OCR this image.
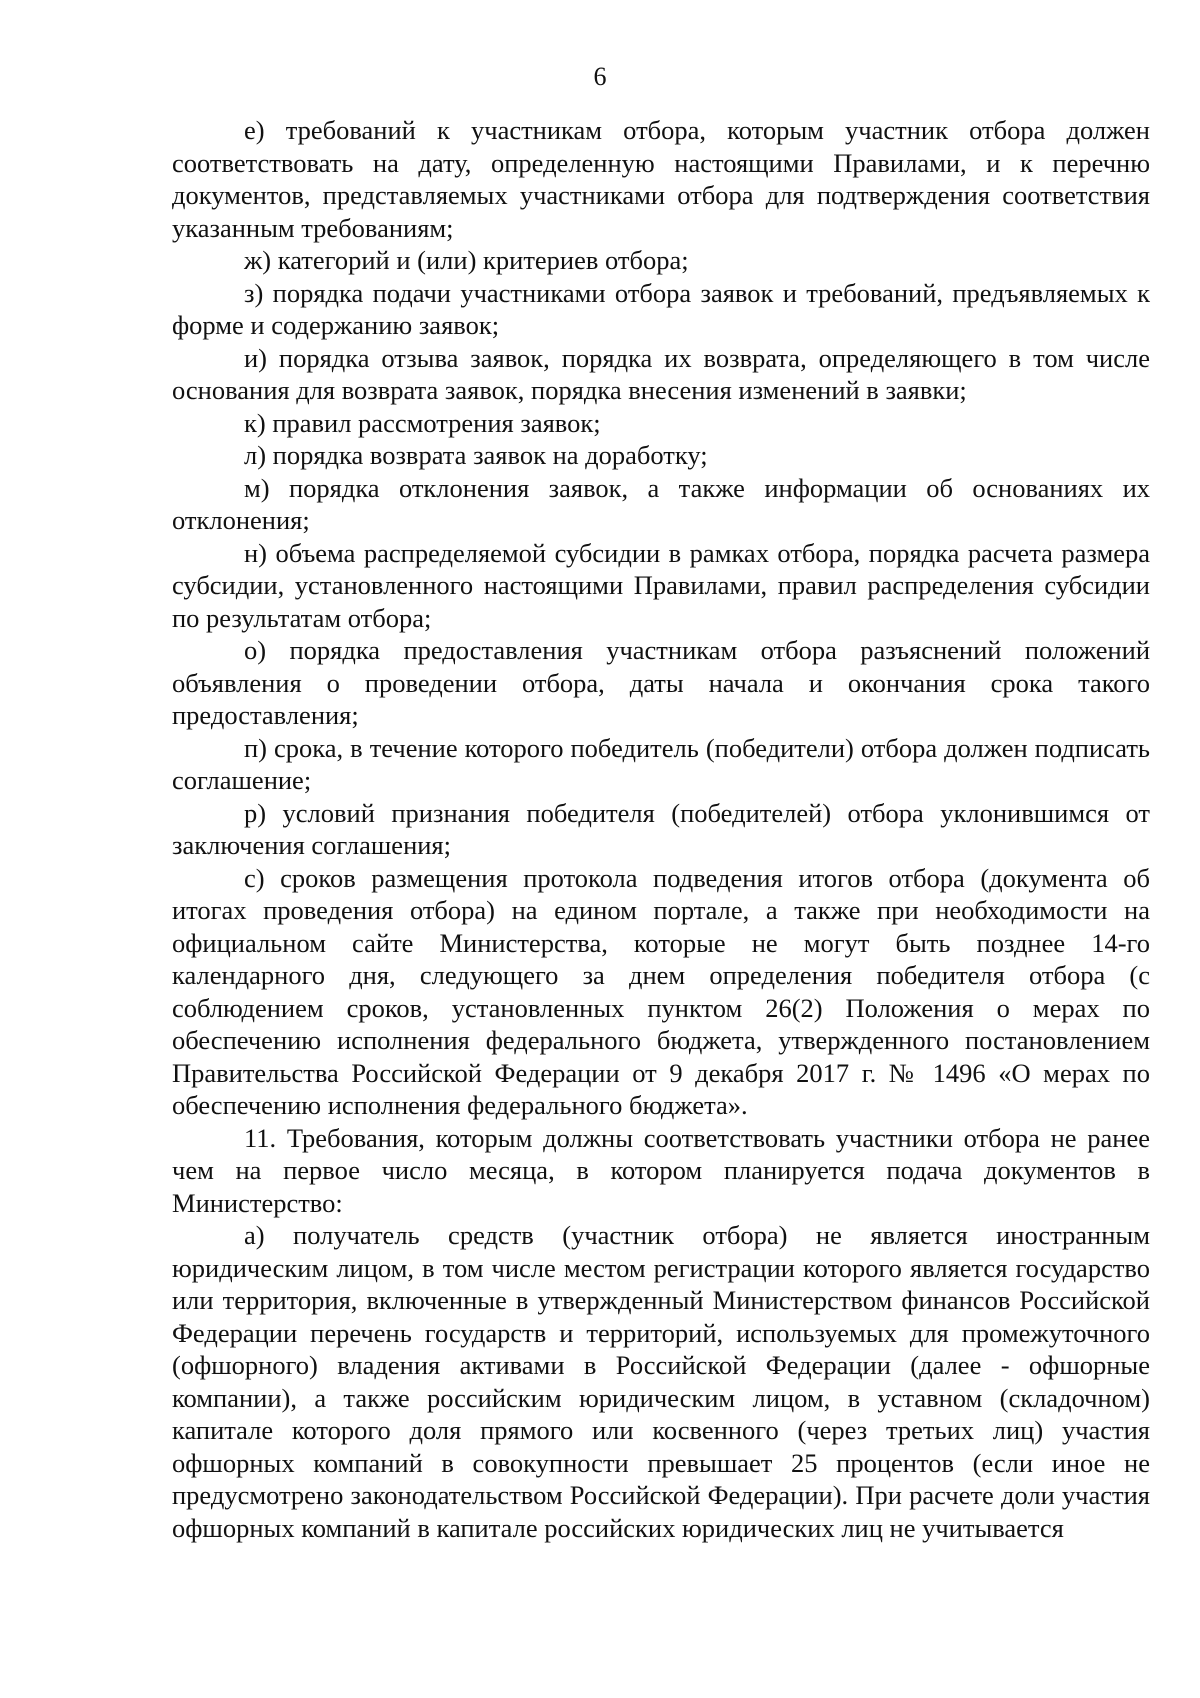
6

е) требований к участникам отбора, которым участник отбора должен соответствовать на дату, определенную настоящими Правилами, и к перечню документов, представляемых участниками отбора для подтверждения соответствия указанным требованиям;

ж) категорий и (или) критериев отбора;

з) порядка подачи участниками отбора заявок и требований, предъявляемых к форме и содержанию заявок;

и) порядка отзыва заявок, порядка их возврата, определяющего в том числе основания для возврата заявок, порядка внесения изменений в заявки;

к) правил рассмотрения заявок;

л) порядка возврата заявок на доработку;

м) порядка отклонения заявок, а также информации об основаниях их отклонения;

н) объема распределяемой субсидии в рамках отбора, порядка расчета размера субсидии, установленного настоящими Правилами, правил распределения субсидии по результатам отбора;

о) порядка предоставления участникам отбора разъяснений положений объявления о проведении отбора, даты начала и окончания срока такого предоставления;

п) срока, в течение которого победитель (победители) отбора должен подписать соглашение;

р) условий признания победителя (победителей) отбора уклонившимся от заключения соглашения;

с) сроков размещения протокола подведения итогов отбора (документа об итогах проведения отбора) на едином портале, а также при необходимости на официальном сайте Министерства, которые не могут быть позднее 14-го календарного дня, следующего за днем определения победителя отбора (с соблюдением сроков, установленных пунктом 26(2) Положения о мерах по обеспечению исполнения федерального бюджета, утвержденного постановлением Правительства Российской Федерации от 9 декабря 2017 г. № 1496 «О мерах по обеспечению исполнения федерального бюджета».

11. Требования, которым должны соответствовать участники отбора не ранее чем на первое число месяца, в котором планируется подача документов в Министерство:

а) получатель средств (участник отбора) не является иностранным юридическим лицом, в том числе местом регистрации которого является государство или территория, включенные в утвержденный Министерством финансов Российской Федерации перечень государств и территорий, используемых для промежуточного (офшорного) владения активами в Российской Федерации (далее - офшорные компании), а также российским юридическим лицом, в уставном (складочном) капитале которого доля прямого или косвенного (через третьих лиц) участия офшорных компаний в совокупности превышает 25 процентов (если иное не предусмотрено законодательством Российской Федерации). При расчете доли участия офшорных компаний в капитале российских юридических лиц не учитывается
